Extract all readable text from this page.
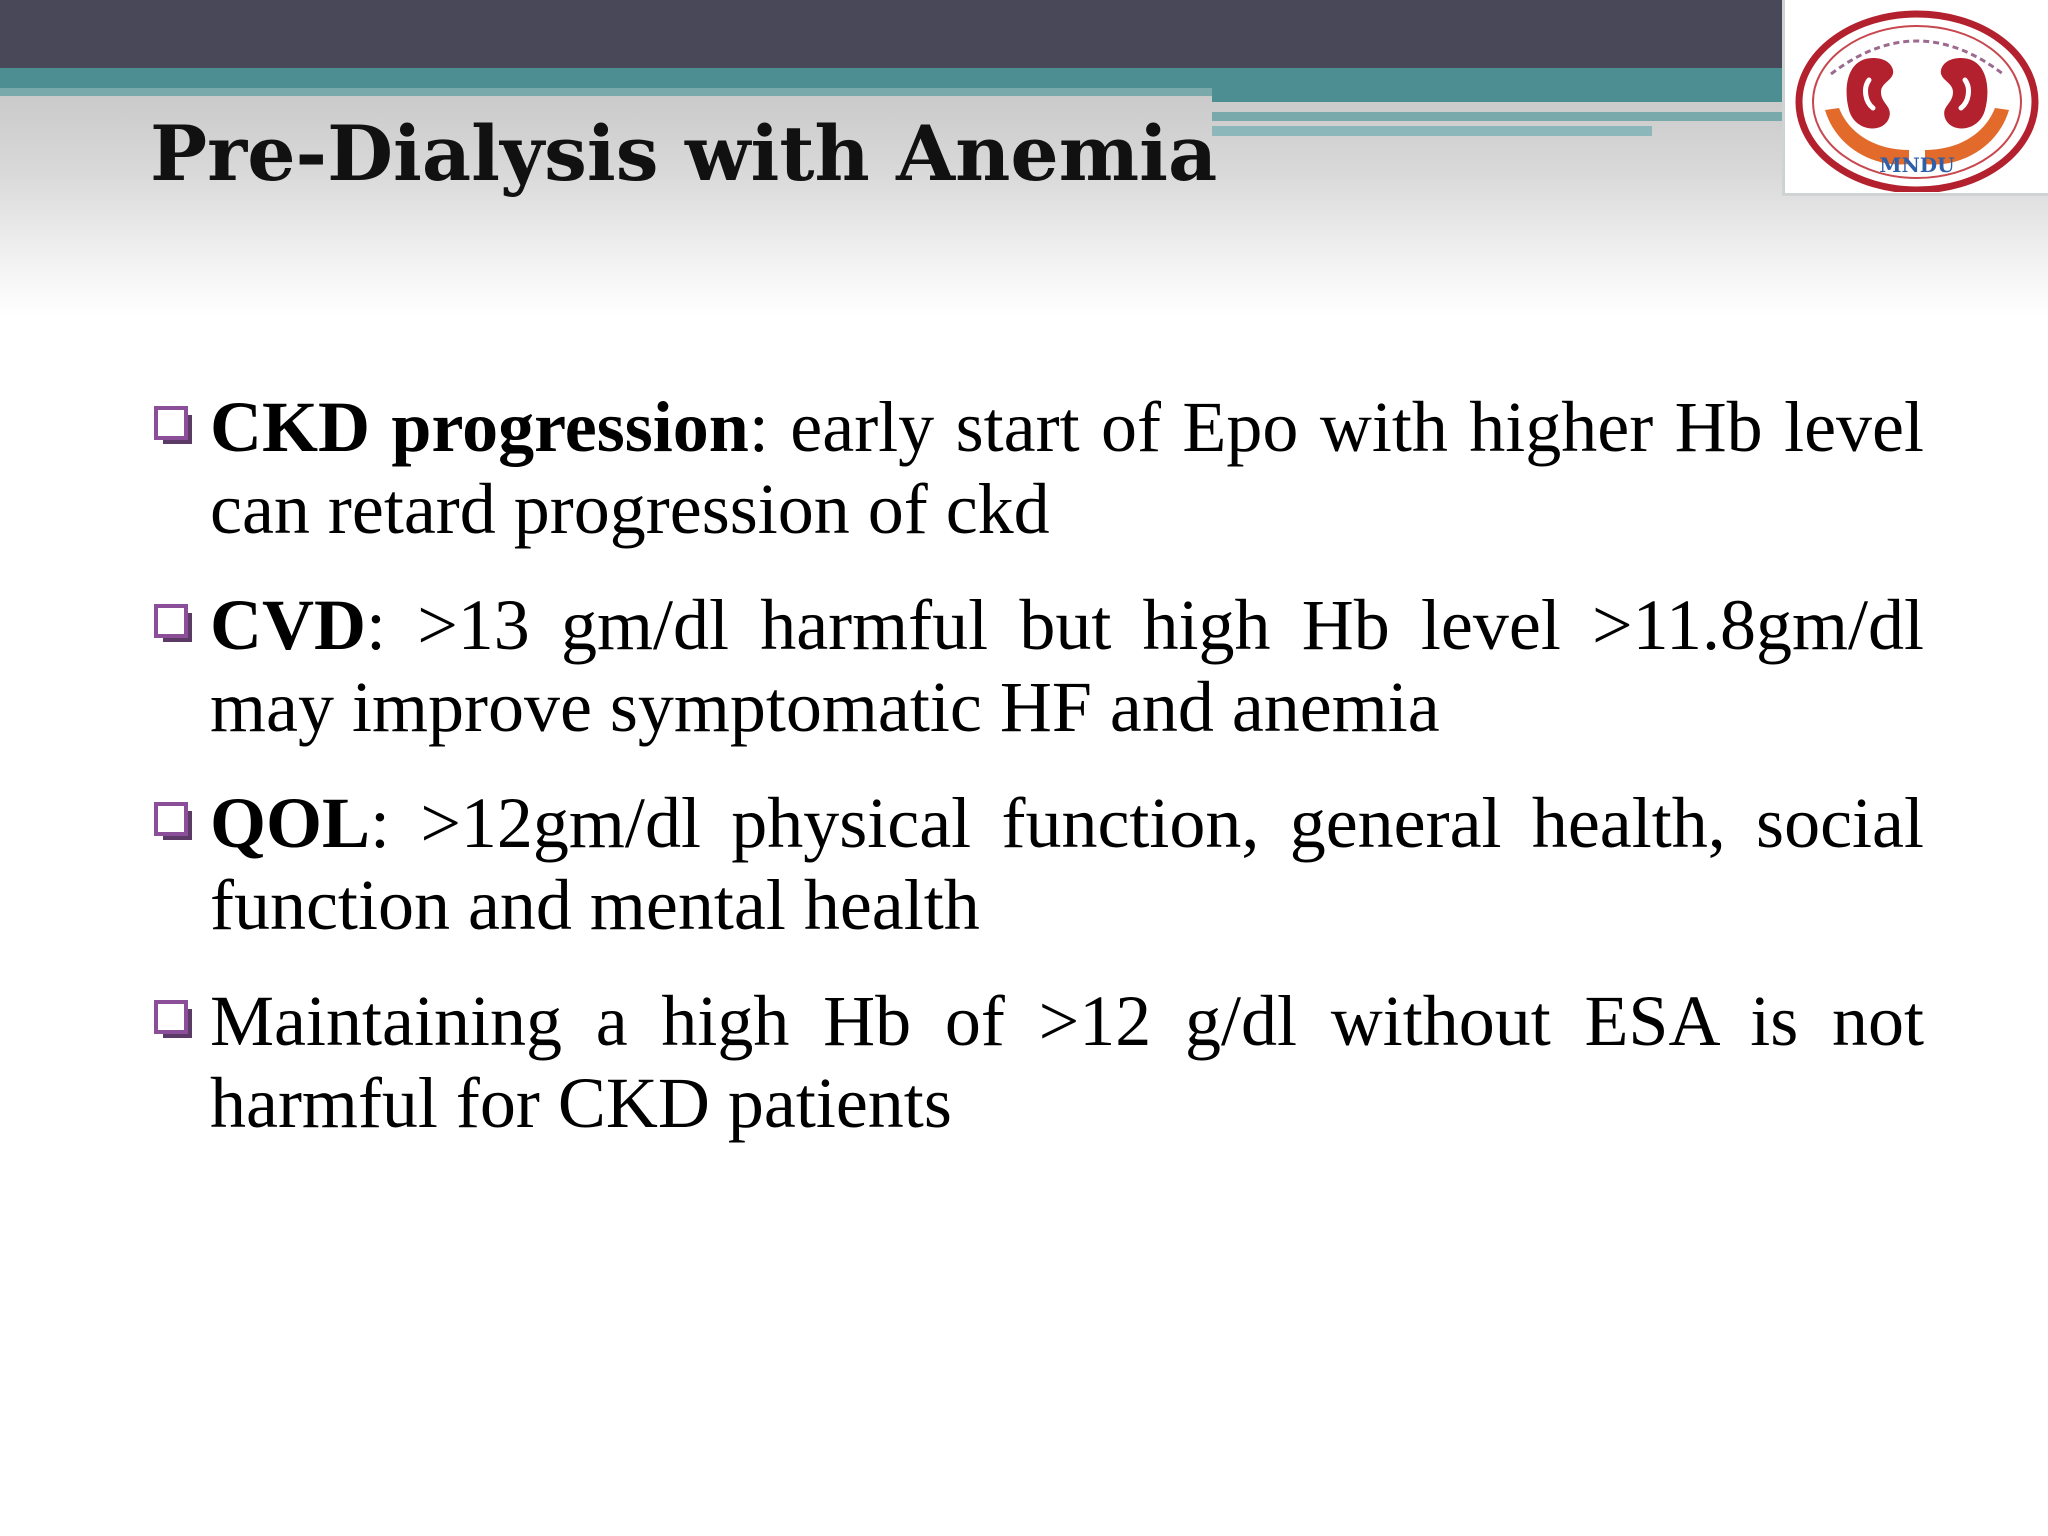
Pre-Dialysis with Anemia	MNDU
CKD progression: early start of Epo with higher Hb level can retard progression of ckd
CVD: >13 gm/dl harmful but high Hb level >11.8gm/dl may improve symptomatic HF and anemia
QOL: >12gm/dl physical function, general health, social function and mental health
Maintaining a high Hb of >12 g/dl without ESA is not harmful for CKD patients
